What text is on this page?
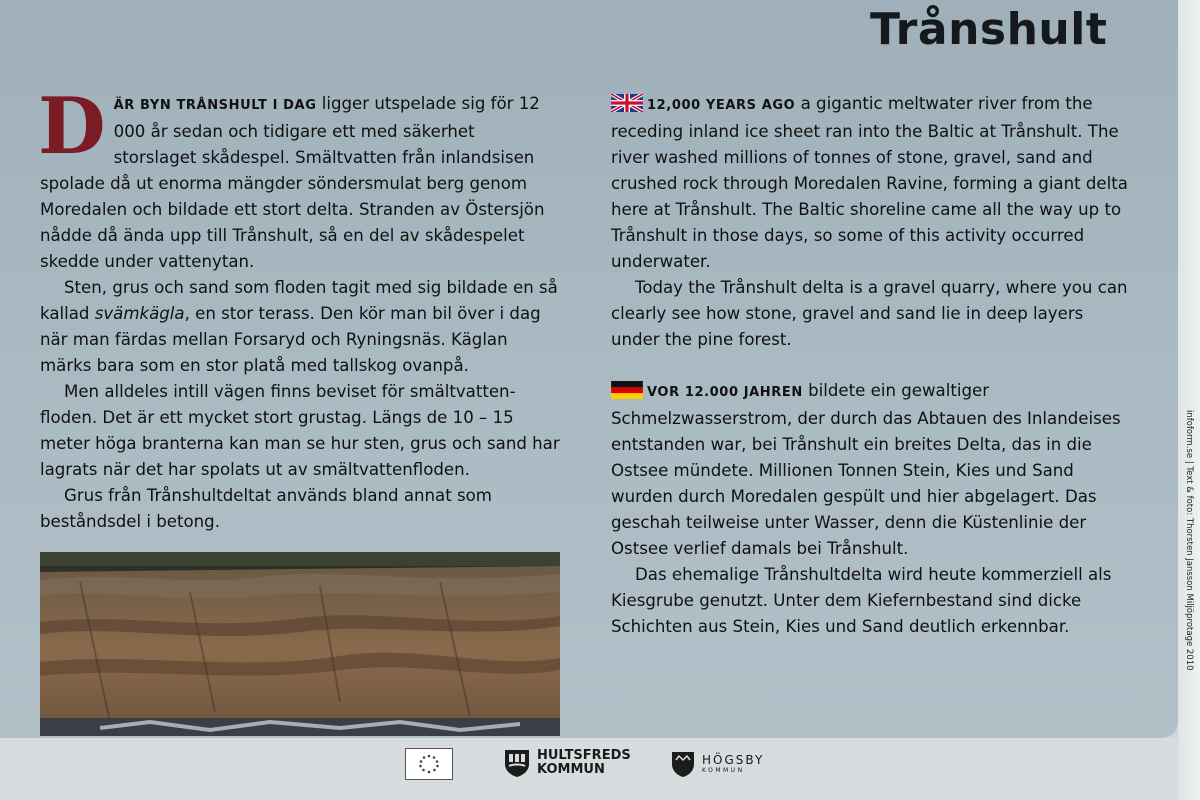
Trånshult

DÄR BYN TRÅNSHULT I DAG ligger utspelade sig för 12 000 år sedan och tidigare ett med säkerhet storslaget skådespel. Smältvatten från inlandsisen spolade då ut enorma mängder söndersmulat berg genom Moredalen och bildade ett stort delta. Stranden av Östersjön nådde då ända upp till Trånshult, så en del av skådespelet skedde under vattenytan.

Sten, grus och sand som floden tagit med sig bildade en så kallad svämkägla, en stor terass. Den kör man bil över i dag när man färdas mellan Forsaryd och Ryningsnäs. Käglan märks bara som en stor platå med tallskog ovanpå.

Men alldeles intill vägen finns beviset för smältvattenfloden. Det är ett mycket stort grustag. Längs de 10 – 15 meter höga branterna kan man se hur sten, grus och sand har lagrats när det har spolats ut av smältvattenfloden.

Grus från Trånshultdeltat används bland annat som beståndsdel i betong.

12,000 YEARS AGO a gigantic meltwater river from the receding inland ice sheet ran into the Baltic at Trånshult. The river washed millions of tonnes of stone, gravel, sand and crushed rock through Moredalen Ravine, forming a giant delta here at Trånshult. The Baltic shoreline came all the way up to Trånshult in those days, so some of this activity occurred underwater.

Today the Trånshult delta is a gravel quarry, where you can clearly see how stone, gravel and sand lie in deep layers under the pine forest.

VOR 12.000 JAHREN bildete ein gewaltiger Schmelzwasserstrom, der durch das Abtauen des Inlandeises entstanden war, bei Trånshult ein breites Delta, das in die Ostsee mündete. Millionen Tonnen Stein, Kies und Sand wurden durch Moredalen gespült und hier abgelagert. Das geschah teilweise unter Wasser, denn die Küstenlinie der Ostsee verlief damals bei Trånshult.

Das ehemalige Trånshultdelta wird heute kommerziell als Kiesgrube genutzt. Unter dem Kiefernbestand sind dicke Schichten aus Stein, Kies und Sand deutlich erkennbar.	infoform.se | Text & foto: Thorsten Jansson Miljöprotage 2010
HULTSFREDS
KOMMUN
HÖGSBY
KOMMUN
